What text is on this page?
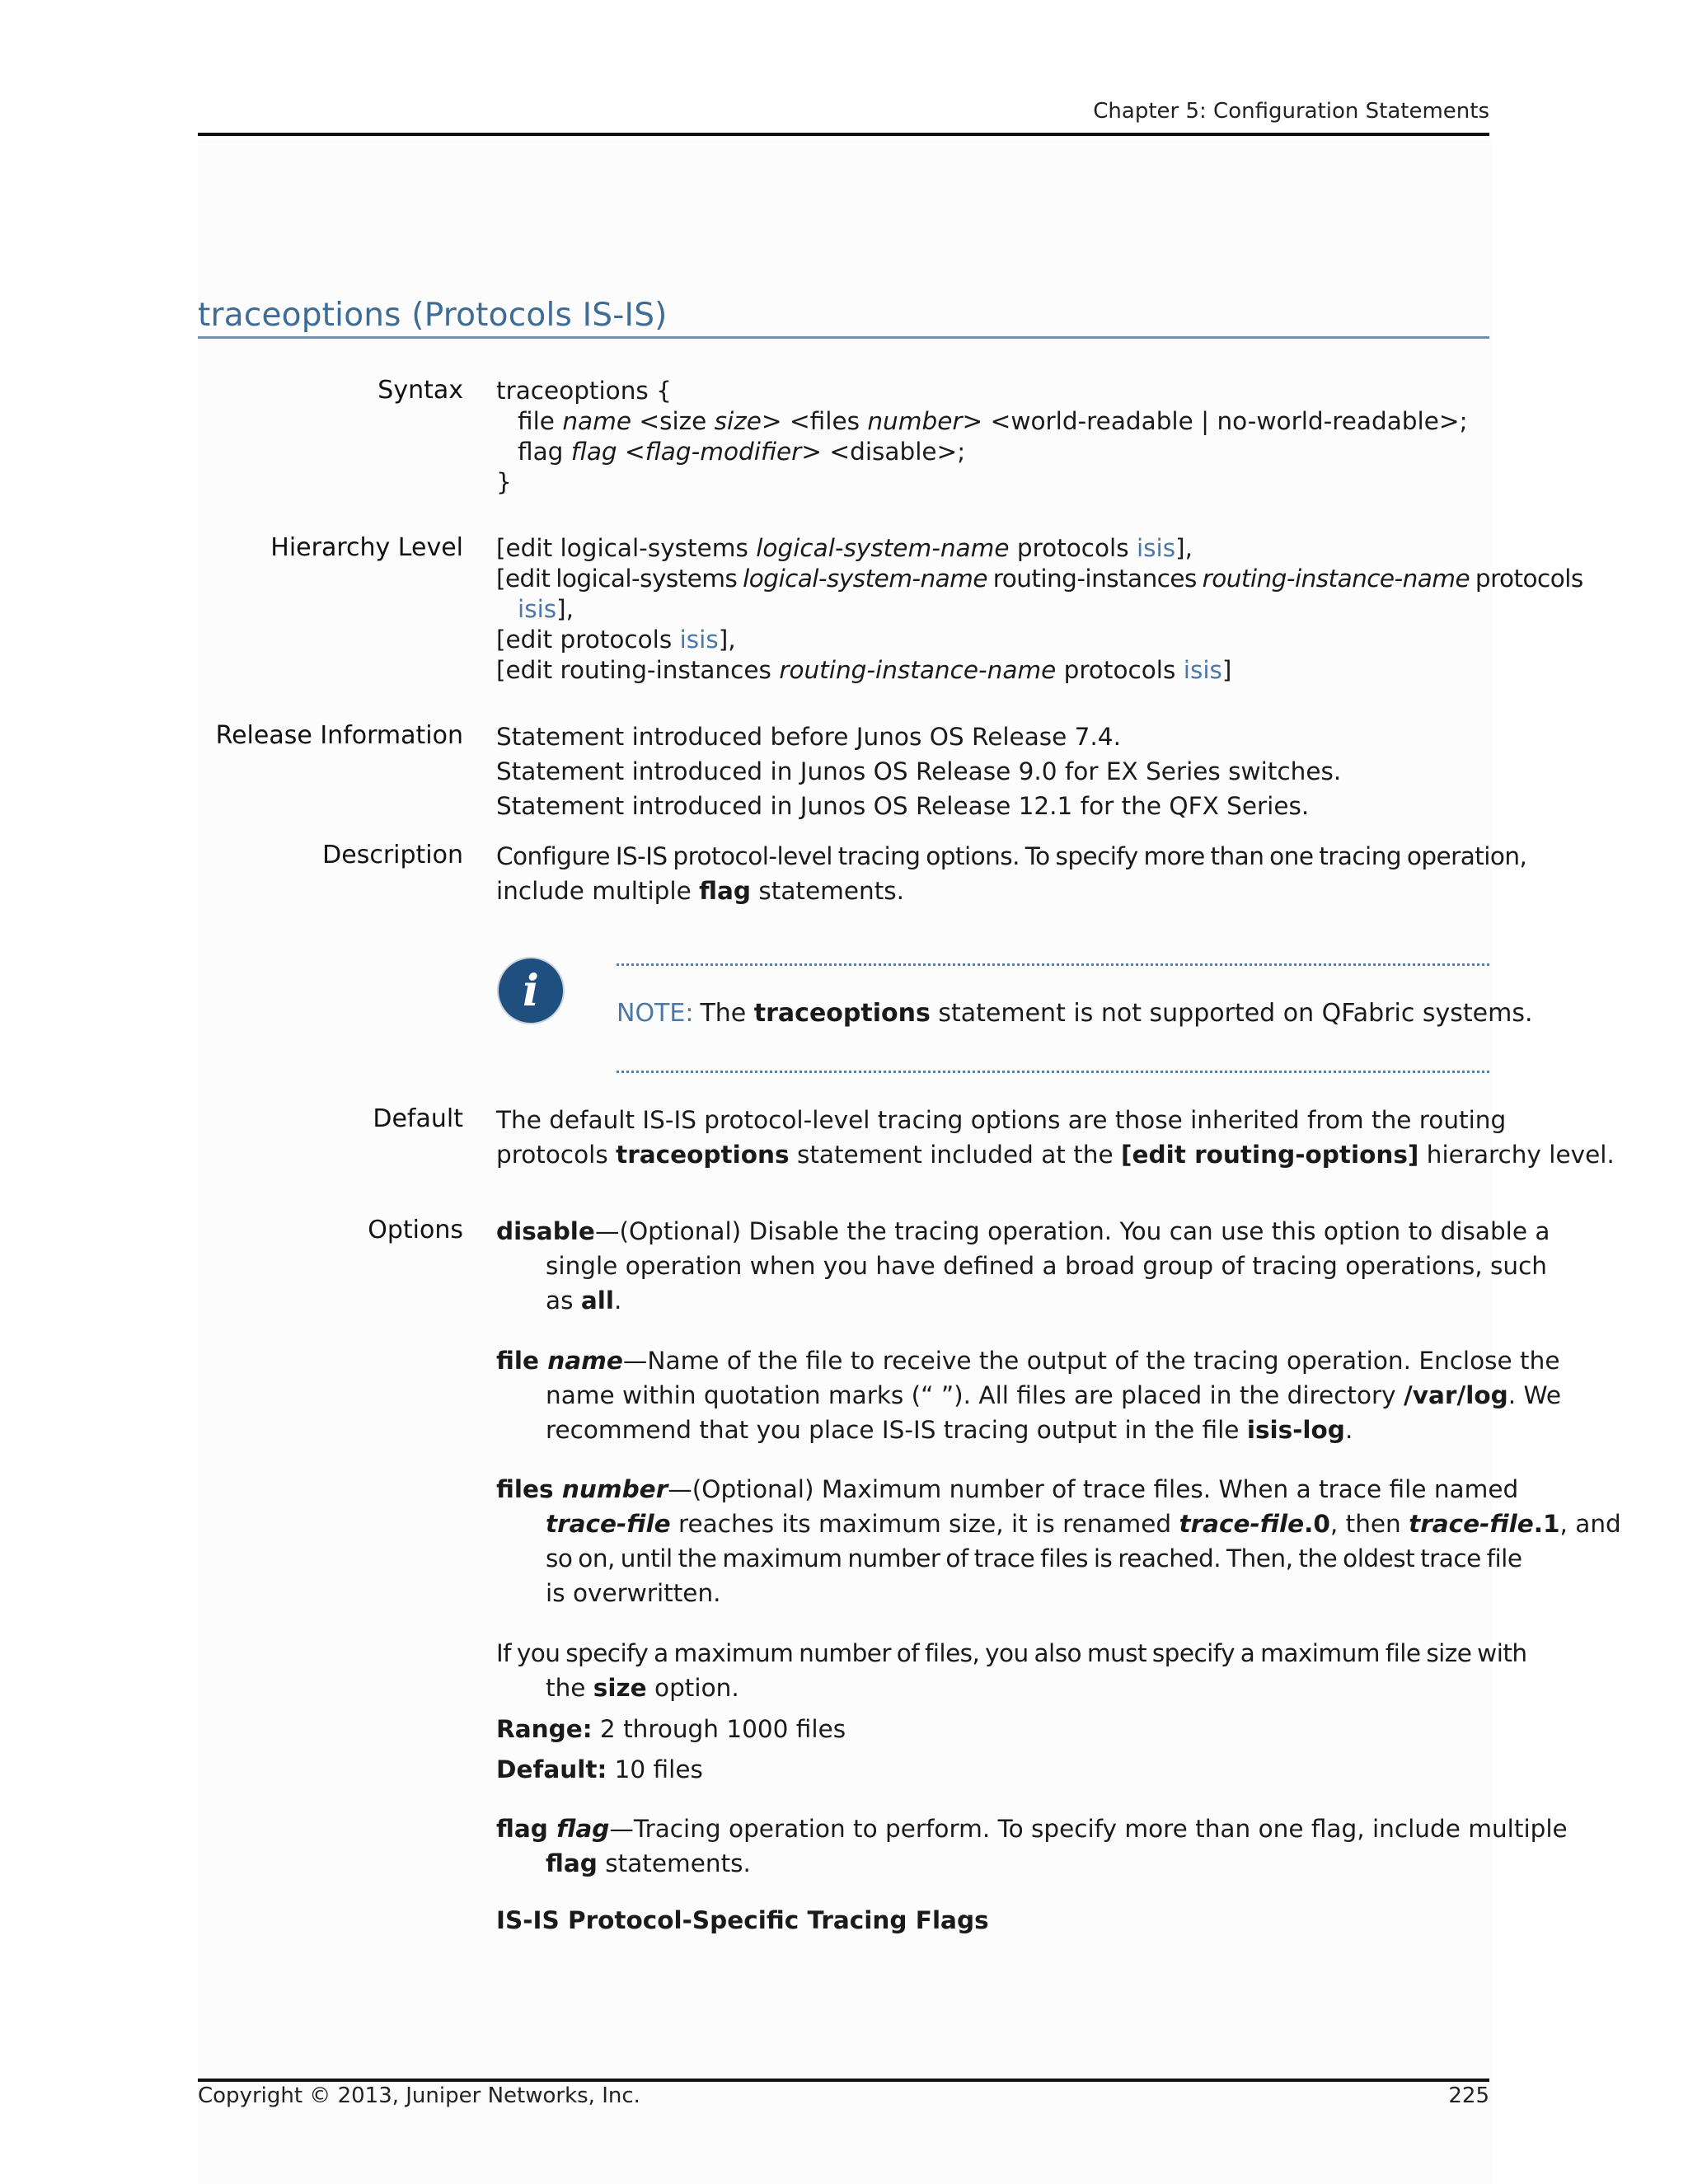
Chapter 5: Configuration Statements
traceoptions (Protocols IS-IS)
Syntax traceoptions {
file name <size size> <files number> <world-readable | no-world-readable>;
flag flag <flag-modifier> <disable>;
}
Hierarchy Level [edit logical-systems logical-system-name protocols isis],
[edit logical-systems logical-system-name routing-instances routing-instance-name protocols
isis],
[edit protocols isis],
[edit routing-instances routing-instance-name protocols isis]
Release Information Statement introduced before Junos OS Release 7.4.
Statement introduced in Junos OS Release 9.0 for EX Series switches.
Statement introduced in Junos OS Release 12.1 for the QFX Series.
Description Configure IS-IS protocol-level tracing options. To specify more than one tracing operation,
include multiple flag statements.
i	NOTE: The traceoptions statement is not supported on QFabric systems.
Default The default IS-IS protocol-level tracing options are those inherited from the routing
protocols traceoptions statement included at the [edit routing-options] hierarchy level.
Options disable—(Optional) Disable the tracing operation. You can use this option to disable a
single operation when you have defined a broad group of tracing operations, such
as all.
file name—Name of the file to receive the output of the tracing operation. Enclose the
name within quotation marks (“ ”). All files are placed in the directory /var/log. We
recommend that you place IS-IS tracing output in the file isis-log.
files number—(Optional) Maximum number of trace files. When a trace file named
trace-file reaches its maximum size, it is renamed trace-file.0, then trace-file.1, and
so on, until the maximum number of trace files is reached. Then, the oldest trace file
is overwritten.
If you specify a maximum number of files, you also must specify a maximum file size with
the size option.
Range: 2 through 1000 files
Default: 10 files
flag flag—Tracing operation to perform. To specify more than one flag, include multiple
flag statements.
IS-IS Protocol-Specific Tracing Flags
Copyright © 2013, Juniper Networks, Inc.	225
